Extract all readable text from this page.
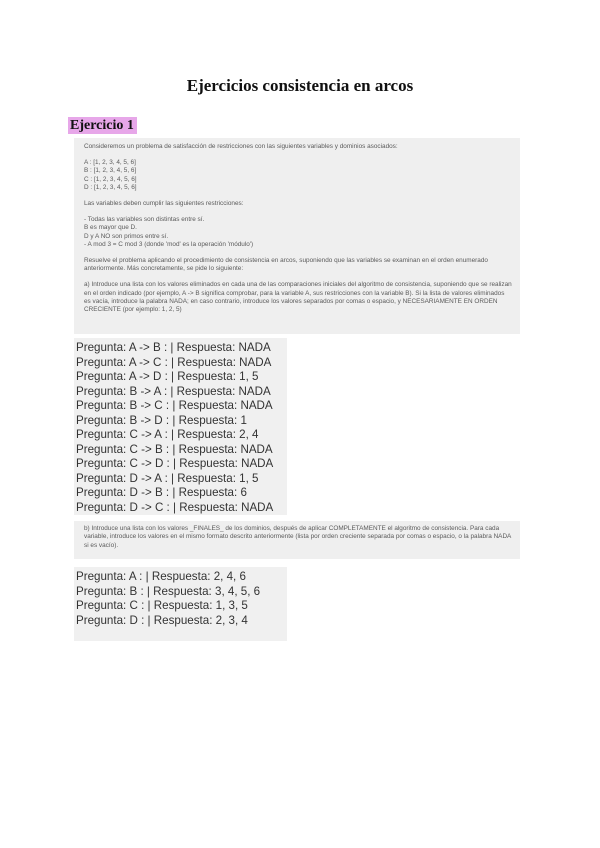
Ejercicios consistencia en arcos
Ejercicio 1

Consideremos un problema de satisfacción de restricciones con las siguientes variables y dominios asociados:

A : [1, 2, 3, 4, 5, 6]

B : [1, 2, 3, 4, 5, 6]

C : [1, 2, 3, 4, 5, 6]

D : [1, 2, 3, 4, 5, 6]

Las variables deben cumplir las siguientes restricciones:

- Todas las variables son distintas entre sí.

B es mayor que D.

D y A NO son primos entre sí.

- A mod 3 = C mod 3 (donde 'mod' es la operación 'módulo')

Resuelve el problema aplicando el procedimiento de consistencia en arcos, suponiendo que las variables se examinan en el orden enumerado anteriormente. Más concretamente, se pide lo siguiente:

a) Introduce una lista con los valores eliminados en cada una de las comparaciones iniciales del algoritmo de consistencia, suponiendo que se realizan en el orden indicado (por ejemplo, A -> B significa comprobar, para la variable A, sus restricciones con la variable B). Si la lista de valores eliminados es vacía, introduce la palabra NADA; en caso contrario, introduce los valores separados por comas o espacio, y NECESARIAMENTE EN ORDEN CRECIENTE (por ejemplo: 1, 2, 5)

Pregunta: A -> B : | Respuesta: NADA
Pregunta: A -> C : | Respuesta: NADA
Pregunta: A -> D : | Respuesta: 1, 5
Pregunta: B -> A : | Respuesta: NADA
Pregunta: B -> C : | Respuesta: NADA
Pregunta: B -> D : | Respuesta: 1
Pregunta: C -> A : | Respuesta: 2, 4
Pregunta: C -> B : | Respuesta: NADA
Pregunta: C -> D : | Respuesta: NADA
Pregunta: D -> A : | Respuesta: 1, 5
Pregunta: D -> B : | Respuesta: 6
Pregunta: D -> C : | Respuesta: NADA

b) Introduce una lista con los valores _FINALES_ de los dominios, después de aplicar COMPLETAMENTE el algoritmo de consistencia. Para cada variable, introduce los valores en el mismo formato descrito anteriormente (lista por orden creciente separada por comas o espacio, o la palabra NADA si es vacío).

Pregunta: A : | Respuesta: 2, 4, 6
Pregunta: B : | Respuesta: 3, 4, 5, 6
Pregunta: C : | Respuesta: 1, 3, 5
Pregunta: D : | Respuesta: 2, 3, 4
